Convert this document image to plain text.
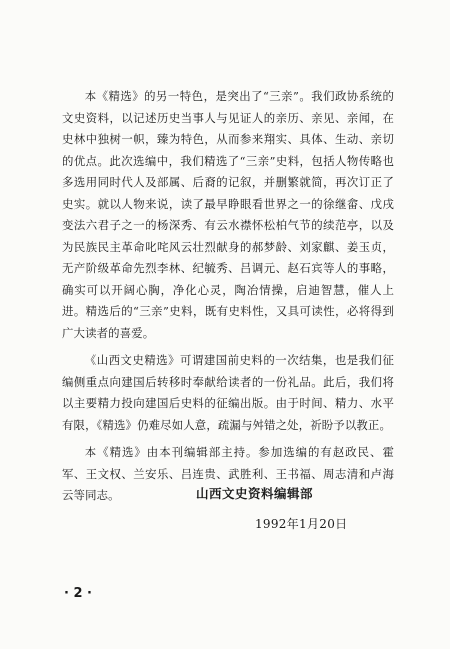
本《精选》的另一特色，是突出了“三亲”。我们政协系统的文史资料，以记述历史当事人与见证人的亲历、亲见、亲闻，在史林中独树一帜，臻为特色，从而参来翔实、具体、生动、亲切的优点。此次选编中，我们精选了“三亲”史料，包括人物传略也多选用同时代人及部属、后裔的记叙，并删繁就简，再次订正了史实。就以人物来说，读了最早睁眼看世界之一的徐继畲、戊戌变法六君子之一的杨深秀、有云水襟怀松柏气节的续范亭，以及为民族民主革命叱咤风云壮烈献身的郝梦龄、刘家麒、姜玉贞，无产阶级革命先烈李林、纪毓秀、吕调元、赵石宾等人的事略，确实可以开阔心胸，净化心灵，陶冶情操，启迪智慧，催人上进。精选后的“三亲”史料，既有史料性，又具可读性，必将得到广大读者的喜爱。

《山西文史精选》可谓建国前史料的一次结集，也是我们征编侧重点向建国后转移时奉献给读者的一份礼品。此后，我们将以主要精力投向建国后史料的征编出版。由于时间、精力、水平有限，《精选》仍难尽如人意，疏漏与舛错之处，祈盼予以教正。

本《精选》由本刊编辑部主持。参加选编的有赵政民、霍军、王文权、兰安乐、吕连贵、武胜利、王书福、周志清和卢海云等同志。	山西文史资料编辑部
1992年1月20日
· 2 ·
